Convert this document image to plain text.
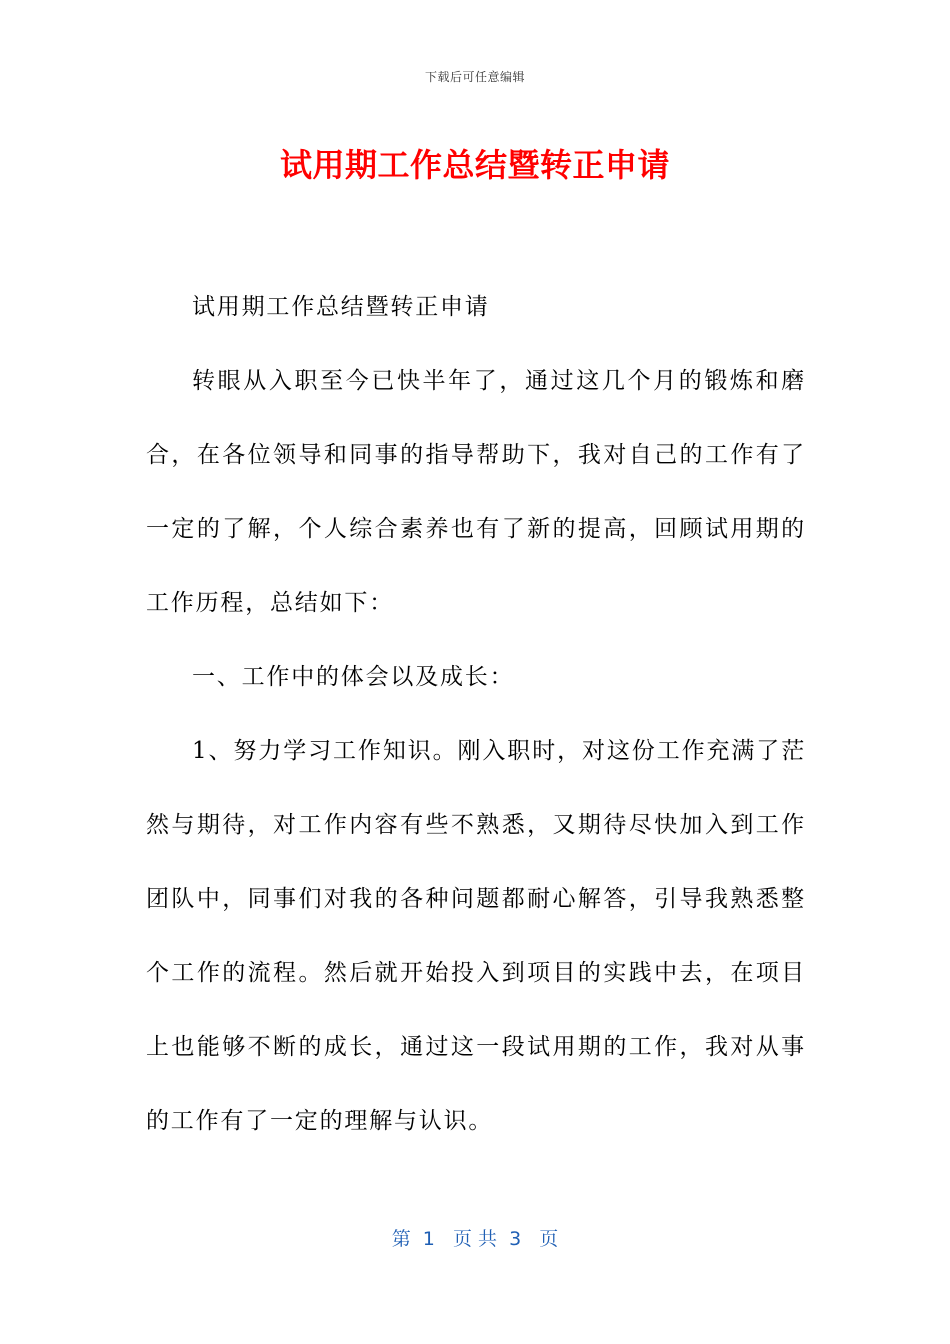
下载后可任意编辑
试用期工作总结暨转正申请

试用期工作总结暨转正申请

转眼从入职至今已快半年了，通过这几个月的锻炼和磨合，在各位领导和同事的指导帮助下，我对自己的工作有了一定的了解，个人综合素养也有了新的提高，回顾试用期的工作历程，总结如下：

一、工作中的体会以及成长：

1、努力学习工作知识。刚入职时，对这份工作充满了茫然与期待，对工作内容有些不熟悉，又期待尽快加入到工作团队中，同事们对我的各种问题都耐心解答，引导我熟悉整个工作的流程。然后就开始投入到项目的实践中去，在项目上也能够不断的成长，通过这一段试用期的工作，我对从事的工作有了一定的理解与认识。

第  1   页 共  3   页
